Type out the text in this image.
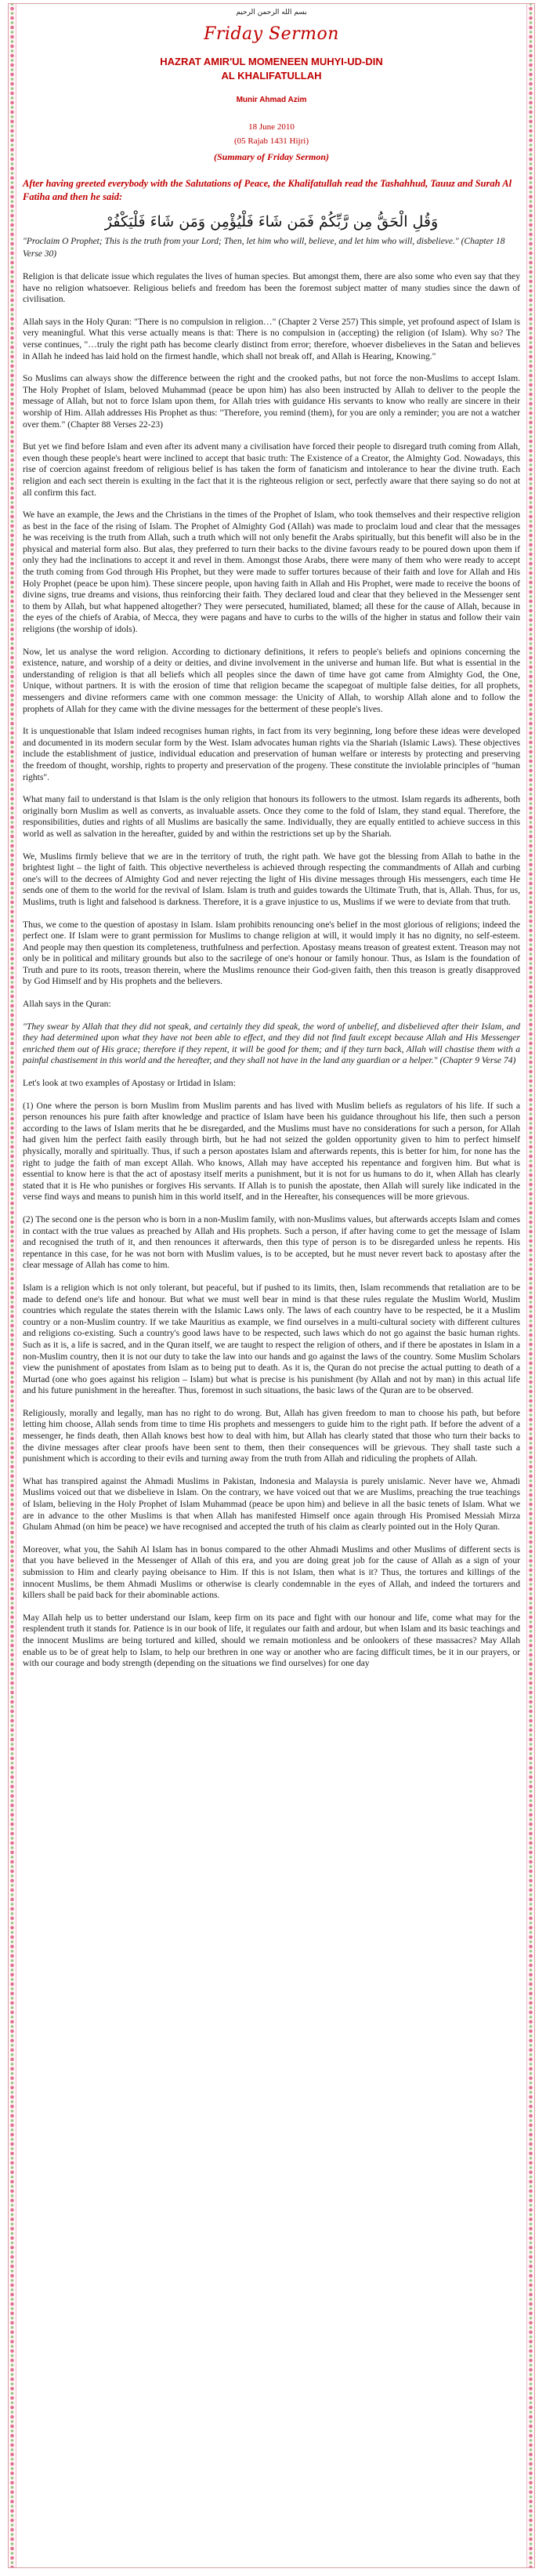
بسم الله الرحمن الرحیم
Friday Sermon
HAZRAT AMIR'UL MOMENEEN MUHYI-UD-DIN
AL KHALIFATULLAH
Munir Ahmad Azim
18 June 2010
(05 Rajab 1431 Hijri)
(Summary of Friday Sermon)
After having greeted everybody with the Salutations of Peace, the Khalifatullah read the Tashahhud, Tauuz and Surah Al Fatiha and then he said:
وَقُلِ الْحَقُّ مِن رَّبِّكُمْ فَمَن شَاءَ فَلْيُؤْمِن وَمَن شَاءَ فَلْيَكْفُرْ
"Proclaim O Prophet; This is the truth from your Lord; Then, let him who will, believe, and let him who will, disbelieve." (Chapter 18 Verse 30)

Religion is that delicate issue which regulates the lives of human species. But amongst them, there are also some who even say that they have no religion whatsoever. Religious beliefs and freedom has been the foremost subject matter of many studies since the dawn of civilisation.

Allah says in the Holy Quran: "There is no compulsion in religion…" (Chapter 2 Verse 257) This simple, yet profound aspect of Islam is very meaningful. What this verse actually means is that: There is no compulsion in (accepting) the religion (of Islam). Why so? The verse continues, "…truly the right path has become clearly distinct from error; therefore, whoever disbelieves in the Satan and believes in Allah he indeed has laid hold on the firmest handle, which shall not break off, and Allah is Hearing, Knowing."

So Muslims can always show the difference between the right and the crooked paths, but not force the non-Muslims to accept Islam. The Holy Prophet of Islam, beloved Muhammad (peace be upon him) has also been instructed by Allah to deliver to the people the message of Allah, but not to force Islam upon them, for Allah tries with guidance His servants to know who really are sincere in their worship of Him. Allah addresses His Prophet as thus: "Therefore, you remind (them), for you are only a reminder; you are not a watcher over them." (Chapter 88 Verses 22-23)

But yet we find before Islam and even after its advent many a civilisation have forced their people to disregard truth coming from Allah, even though these people's heart were inclined to accept that basic truth: The Existence of a Creator, the Almighty God. Nowadays, this rise of coercion against freedom of religious belief is has taken the form of fanaticism and intolerance to hear the divine truth. Each religion and each sect therein is exulting in the fact that it is the righteous religion or sect, perfectly aware that there saying so do not at all confirm this fact.

We have an example, the Jews and the Christians in the times of the Prophet of Islam, who took themselves and their respective religion as best in the face of the rising of Islam. The Prophet of Almighty God (Allah) was made to proclaim loud and clear that the messages he was receiving is the truth from Allah, such a truth which will not only benefit the Arabs spiritually, but this benefit will also be in the physical and material form also. But alas, they preferred to turn their backs to the divine favours ready to be poured down upon them if only they had the inclinations to accept it and revel in them. Amongst those Arabs, there were many of them who were ready to accept the truth coming from God through His Prophet, but they were made to suffer tortures because of their faith and love for Allah and His Holy Prophet (peace be upon him). These sincere people, upon having faith in Allah and His Prophet, were made to receive the boons of divine signs, true dreams and visions, thus reinforcing their faith. They declared loud and clear that they believed in the Messenger sent to them by Allah, but what happened altogether? They were persecuted, humiliated, blamed; all these for the cause of Allah, because in the eyes of the chiefs of Arabia, of Mecca, they were pagans and have to curbs to the wills of the higher in status and follow their vain religions (the worship of idols).

Now, let us analyse the word religion. According to dictionary definitions, it refers to people's beliefs and opinions concerning the existence, nature, and worship of a deity or deities, and divine involvement in the universe and human life. But what is essential in the understanding of religion is that all beliefs which all peoples since the dawn of time have got came from Almighty God, the One, Unique, without partners. It is with the erosion of time that religion became the scapegoat of multiple false deities, for all prophets, messengers and divine reformers came with one common message: the Unicity of Allah, to worship Allah alone and to follow the prophets of Allah for they came with the divine messages for the betterment of these people's lives.

It is unquestionable that Islam indeed recognises human rights, in fact from its very beginning, long before these ideas were developed and documented in its modern secular form by the West. Islam advocates human rights via the Shariah (Islamic Laws). These objectives include the establishment of justice, individual education and preservation of human welfare or interests by protecting and preserving the freedom of thought, worship, rights to property and preservation of the progeny. These constitute the inviolable principles of "human rights".

What many fail to understand is that Islam is the only religion that honours its followers to the utmost. Islam regards its adherents, both originally born Muslim as well as converts, as invaluable assets. Once they come to the fold of Islam, they stand equal. Therefore, the responsibilities, duties and rights of all Muslims are basically the same. Individually, they are equally entitled to achieve success in this world as well as salvation in the hereafter, guided by and within the restrictions set up by the Shariah.

We, Muslims firmly believe that we are in the territory of truth, the right path. We have got the blessing from Allah to bathe in the brightest light – the light of faith. This objective nevertheless is achieved through respecting the commandments of Allah and curbing one's will to the decrees of Almighty God and never rejecting the light of His divine messages through His messengers, each time He sends one of them to the world for the revival of Islam. Islam is truth and guides towards the Ultimate Truth, that is, Allah. Thus, for us, Muslims, truth is light and falsehood is darkness. Therefore, it is a grave injustice to us, Muslims if we were to deviate from that truth.

Thus, we come to the question of apostasy in Islam. Islam prohibits renouncing one's belief in the most glorious of religions; indeed the perfect one. If Islam were to grant permission for Muslims to change religion at will, it would imply it has no dignity, no self-esteem. And people may then question its completeness, truthfulness and perfection. Apostasy means treason of greatest extent. Treason may not only be in political and military grounds but also to the sacrilege of one's honour or family honour. Thus, as Islam is the foundation of Truth and pure to its roots, treason therein, where the Muslims renounce their God-given faith, then this treason is greatly disapproved by God Himself and by His prophets and the believers.

Allah says in the Quran:

"They swear by Allah that they did not speak, and certainly they did speak, the word of unbelief, and disbelieved after their Islam, and they had determined upon what they have not been able to effect, and they did not find fault except because Allah and His Messenger enriched them out of His grace; therefore if they repent, it will be good for them; and if they turn back, Allah will chastise them with a painful chastisement in this world and the hereafter, and they shall not have in the land any guardian or a helper." (Chapter 9 Verse 74)

Let's look at two examples of Apostasy or Irtidad in Islam:

(1) One where the person is born Muslim from Muslim parents and has lived with Muslim beliefs as regulators of his life. If such a person renounces his pure faith after knowledge and practice of Islam have been his guidance throughout his life, then such a person according to the laws of Islam merits that he be disregarded, and the Muslims must have no considerations for such a person, for Allah had given him the perfect faith easily through birth, but he had not seized the golden opportunity given to him to perfect himself physically, morally and spiritually. Thus, if such a person apostates Islam and afterwards repents, this is better for him, for none has the right to judge the faith of man except Allah. Who knows, Allah may have accepted his repentance and forgiven him. But what is essential to know here is that the act of apostasy itself merits a punishment, but it is not for us humans to do it, when Allah has clearly stated that it is He who punishes or forgives His servants. If Allah is to punish the apostate, then Allah will surely like indicated in the verse find ways and means to punish him in this world itself, and in the Hereafter, his consequences will be more grievous.

(2) The second one is the person who is born in a non-Muslim family, with non-Muslims values, but afterwards accepts Islam and comes in contact with the true values as preached by Allah and His prophets. Such a person, if after having come to get the message of Islam and recognised the truth of it, and then renounces it afterwards, then this type of person is to be disregarded unless he repents. His repentance in this case, for he was not born with Muslim values, is to be accepted, but he must never revert back to apostasy after the clear message of Allah has come to him.

Islam is a religion which is not only tolerant, but peaceful, but if pushed to its limits, then, Islam recommends that retaliation are to be made to defend one's life and honour. But what we must well bear in mind is that these rules regulate the Muslim World, Muslim countries which regulate the states therein with the Islamic Laws only. The laws of each country have to be respected, be it a Muslim country or a non-Muslim country. If we take Mauritius as example, we find ourselves in a multi-cultural society with different cultures and religions co-existing. Such a country's good laws have to be respected, such laws which do not go against the basic human rights. Such as it is, a life is sacred, and in the Quran itself, we are taught to respect the religion of others, and if there be apostates in Islam in a non-Muslim country, then it is not our duty to take the law into our hands and go against the laws of the country. Some Muslim Scholars view the punishment of apostates from Islam as to being put to death. As it is, the Quran do not precise the actual putting to death of a Murtad (one who goes against his religion – Islam) but what is precise is his punishment (by Allah and not by man) in this actual life and his future punishment in the hereafter. Thus, foremost in such situations, the basic laws of the Quran are to be observed.

Religiously, morally and legally, man has no right to do wrong. But, Allah has given freedom to man to choose his path, but before letting him choose, Allah sends from time to time His prophets and messengers to guide him to the right path. If before the advent of a messenger, he finds death, then Allah knows best how to deal with him, but Allah has clearly stated that those who turn their backs to the divine messages after clear proofs have been sent to them, then their consequences will be grievous. They shall taste such a punishment which is according to their evils and turning away from the truth from Allah and ridiculing the prophets of Allah.

What has transpired against the Ahmadi Muslims in Pakistan, Indonesia and Malaysia is purely unislamic. Never have we, Ahmadi Muslims voiced out that we disbelieve in Islam. On the contrary, we have voiced out that we are Muslims, preaching the true teachings of Islam, believing in the Holy Prophet of Islam Muhammad (peace be upon him) and believe in all the basic tenets of Islam. What we are in advance to the other Muslims is that when Allah has manifested Himself once again through His Promised Messiah Mirza Ghulam Ahmad (on him be peace) we have recognised and accepted the truth of his claim as clearly pointed out in the Holy Quran.

Moreover, what you, the Sahih Al Islam has in bonus compared to the other Ahmadi Muslims and other Muslims of different sects is that you have believed in the Messenger of Allah of this era, and you are doing great job for the cause of Allah as a sign of your submission to Him and clearly paying obeisance to Him. If this is not Islam, then what is it? Thus, the tortures and killings of the innocent Muslims, be them Ahmadi Muslims or otherwise is clearly condemnable in the eyes of Allah, and indeed the torturers and killers shall be paid back for their abominable actions.

May Allah help us to better understand our Islam, keep firm on its pace and fight with our honour and life, come what may for the resplendent truth it stands for. Patience is in our book of life, it regulates our faith and ardour, but when Islam and its basic teachings and the innocent Muslims are being tortured and killed, should we remain motionless and be onlookers of these massacres? May Allah enable us to be of great help to Islam, to help our brethren in one way or another who are facing difficult times, be it in our prayers, or with our courage and body strength (depending on the situations we find ourselves) for one day
